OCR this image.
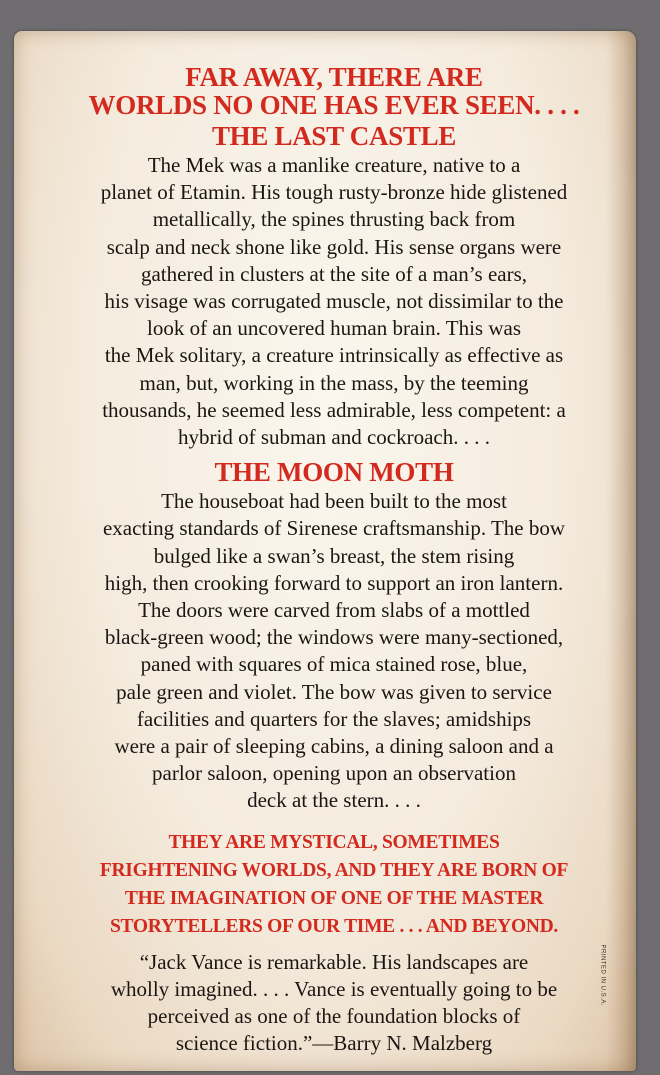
FAR AWAY, THERE ARE
WORLDS NO ONE HAS EVER SEEN. . . .
THE LAST CASTLE

The Mek was a manlike creature, native to a
planet of Etamin. His tough rusty-bronze hide glistened
metallically, the spines thrusting back from
scalp and neck shone like gold. His sense organs were
gathered in clusters at the site of a man’s ears,
his visage was corrugated muscle, not dissimilar to the
look of an uncovered human brain. This was
the Mek solitary, a creature intrinsically as effective as
man, but, working in the mass, by the teeming
thousands, he seemed less admirable, less competent: a
hybrid of subman and cockroach. . . .

THE MOON MOTH

The houseboat had been built to the most
exacting standards of Sirenese craftsmanship. The bow
bulged like a swan’s breast, the stem rising
high, then crooking forward to support an iron lantern.
The doors were carved from slabs of a mottled
black-green wood; the windows were many-sectioned,
paned with squares of mica stained rose, blue,
pale green and violet. The bow was given to service
facilities and quarters for the slaves; amidships
were a pair of sleeping cabins, a dining saloon and a
parlor saloon, opening upon an observation
deck at the stern. . . .

THEY ARE MYSTICAL, SOMETIMES
FRIGHTENING WORLDS, AND THEY ARE BORN OF
THE IMAGINATION OF ONE OF THE MASTER
STORYTELLERS OF OUR TIME . . . AND BEYOND.

“Jack Vance is remarkable. His landscapes are
wholly imagined. . . . Vance is eventually going to be
perceived as one of the foundation blocks of
science fiction.”—Barry N. Malzberg

PRINTED IN U.S.A.
